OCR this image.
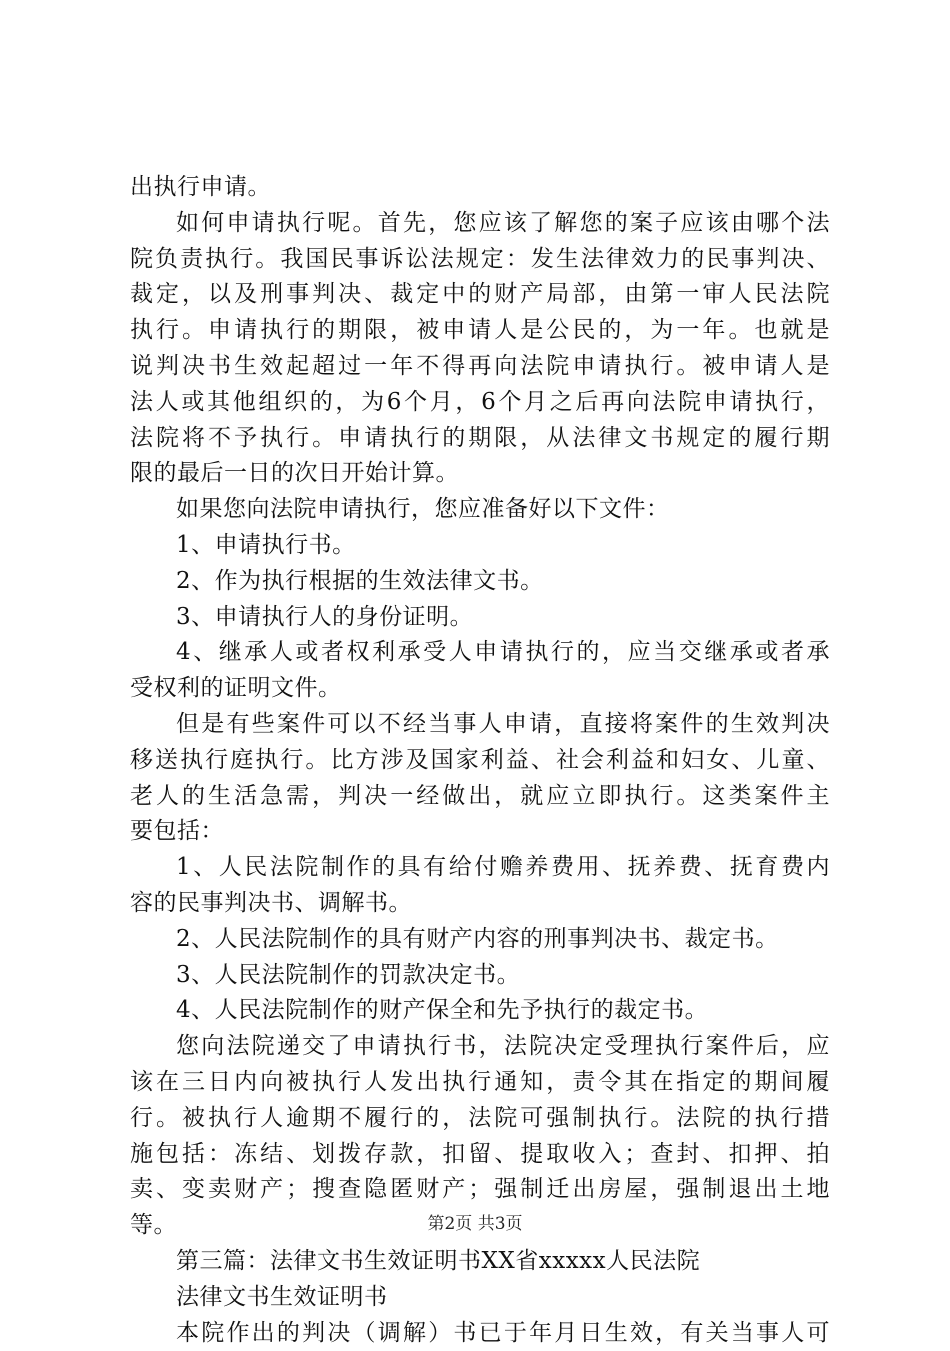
出执行申请。
如何申请执行呢。首先，您应该了解您的案子应该由哪个法
院负责执行。我国民事诉讼法规定：发生法律效力的民事判决、
裁定，以及刑事判决、裁定中的财产局部，由第一审人民法院
执行。申请执行的期限，被申请人是公民的，为一年。也就是
说判决书生效起超过一年不得再向法院申请执行。被申请人是
法人或其他组织的，为6个月，6个月之后再向法院申请执行，
法院将不予执行。申请执行的期限，从法律文书规定的履行期
限的最后一日的次日开始计算。
如果您向法院申请执行，您应准备好以下文件：
1、申请执行书。
2、作为执行根据的生效法律文书。
3、申请执行人的身份证明。
4、继承人或者权利承受人申请执行的，应当交继承或者承
受权利的证明文件。
但是有些案件可以不经当事人申请，直接将案件的生效判决
移送执行庭执行。比方涉及国家利益、社会利益和妇女、儿童、
老人的生活急需，判决一经做出，就应立即执行。这类案件主
要包括：
1、人民法院制作的具有给付赡养费用、抚养费、抚育费内
容的民事判决书、调解书。
2、人民法院制作的具有财产内容的刑事判决书、裁定书。
3、人民法院制作的罚款决定书。
4、人民法院制作的财产保全和先予执行的裁定书。
您向法院递交了申请执行书，法院决定受理执行案件后，应
该在三日内向被执行人发出执行通知，责令其在指定的期间履
行。被执行人逾期不履行的，法院可强制执行。法院的执行措
施包括：冻结、划拨存款，扣留、提取收入；查封、扣押、拍
卖、变卖财产；搜查隐匿财产；强制迁出房屋，强制退出土地
等。
第三篇：法律文书生效证明书XX省xxxxx人民法院
法律文书生效证明书
本院作出的判决（调解）书已于年月日生效，有关当事人可
第2页 共3页
